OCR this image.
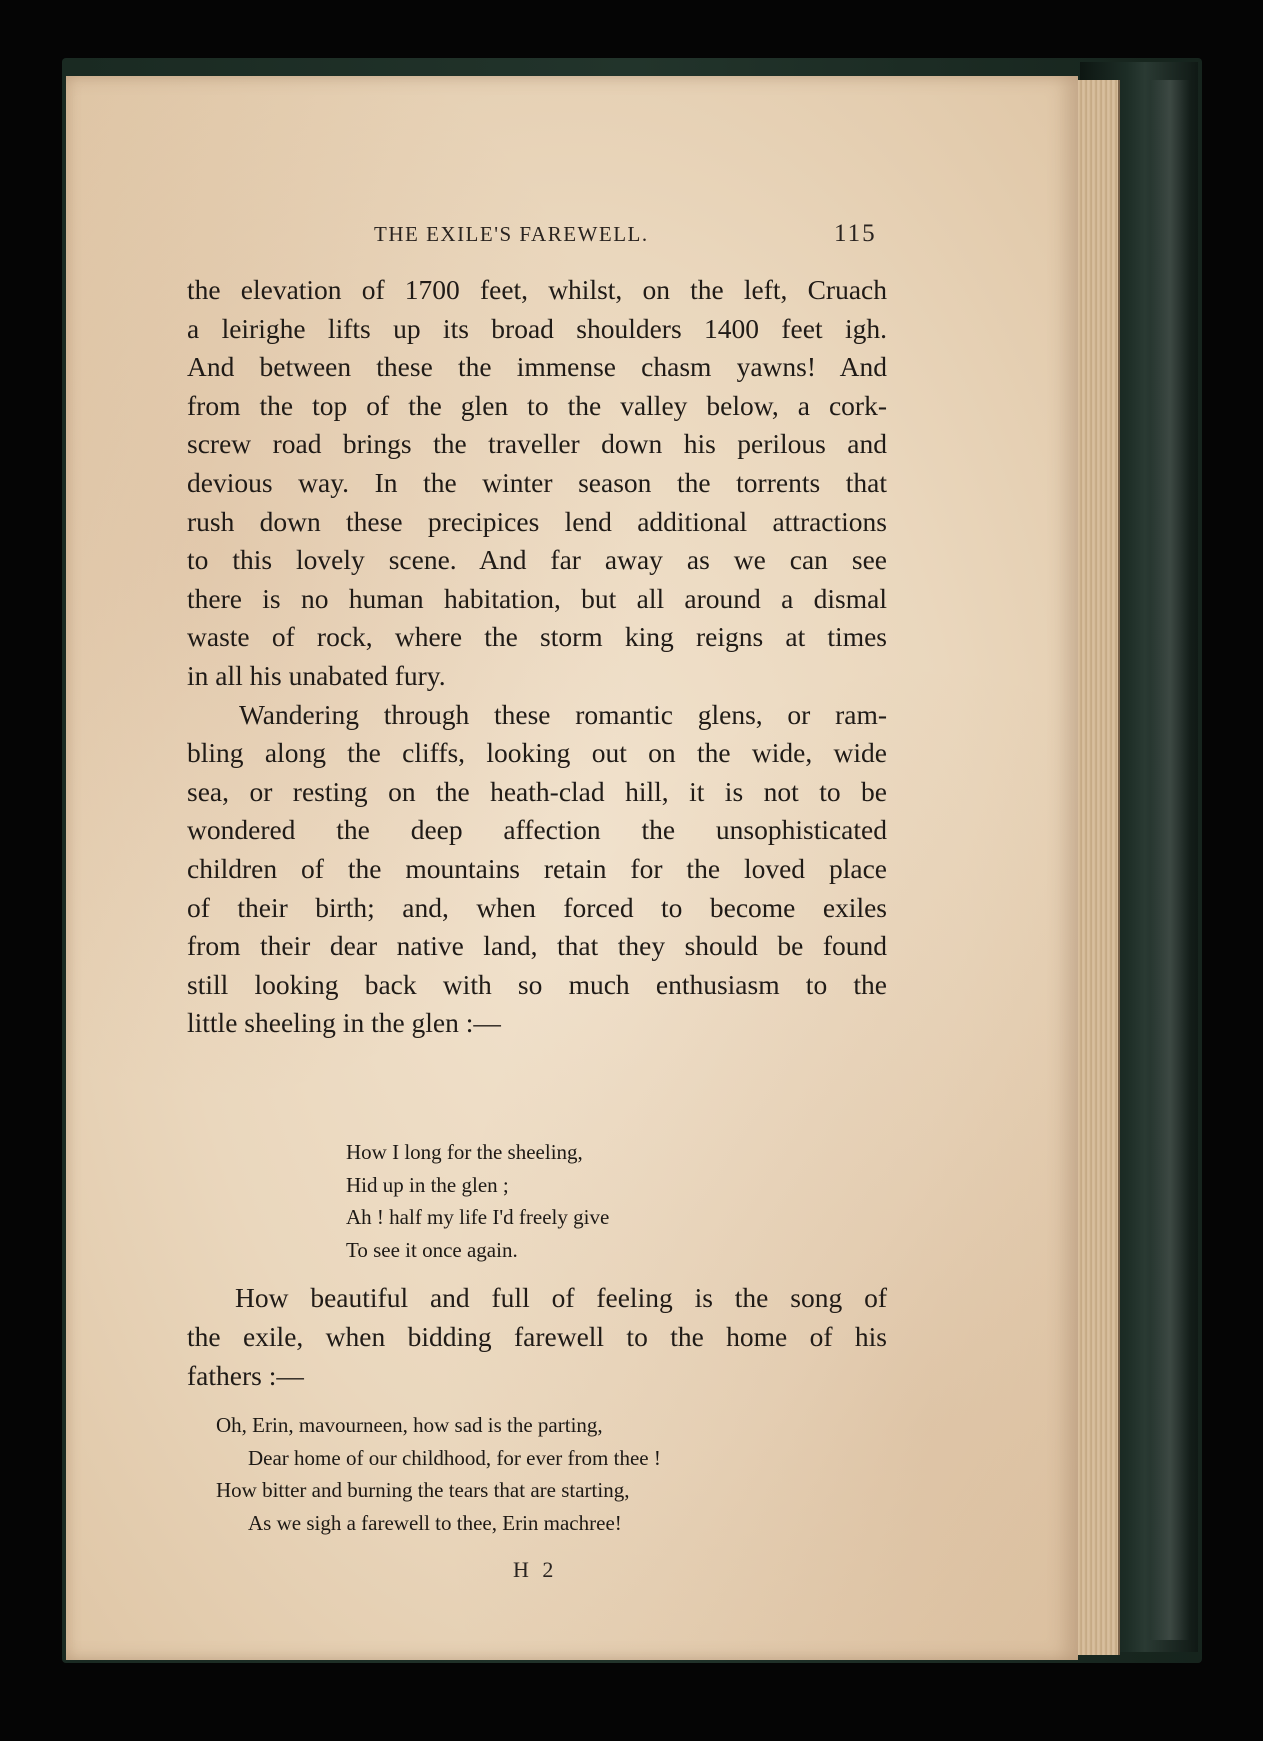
THE EXILE'S FAREWELL.	115
the elevation of 1700 feet, whilst, on the left, Cruach
a leirighe lifts up its broad shoulders 1400 feet igh.
And between these the immense chasm yawns! And
from the top of the glen to the valley below, a cork-
screw road brings the traveller down his perilous and
devious way. In the winter season the torrents that
rush down these precipices lend additional attractions
to this lovely scene. And far away as we can see
there is no human habitation, but all around a dismal
waste of rock, where the storm king reigns at times
in all his unabated fury.
Wandering through these romantic glens, or ram-
bling along the cliffs, looking out on the wide, wide
sea, or resting on the heath-clad hill, it is not to be
wondered the deep affection the unsophisticated
children of the mountains retain for the loved place
of their birth; and, when forced to become exiles
from their dear native land, that they should be found
still looking back with so much enthusiasm to the
little sheeling in the glen :—
How I long for the sheeling,
Hid up in the glen ;
Ah ! half my life I'd freely give
To see it once again.
How beautiful and full of feeling is the song of
the exile, when bidding farewell to the home of his
fathers :—
Oh, Erin, mavourneen, how sad is the parting,
Dear home of our childhood, for ever from thee !
How bitter and burning the tears that are starting,
As we sigh a farewell to thee, Erin machree!
H 2
